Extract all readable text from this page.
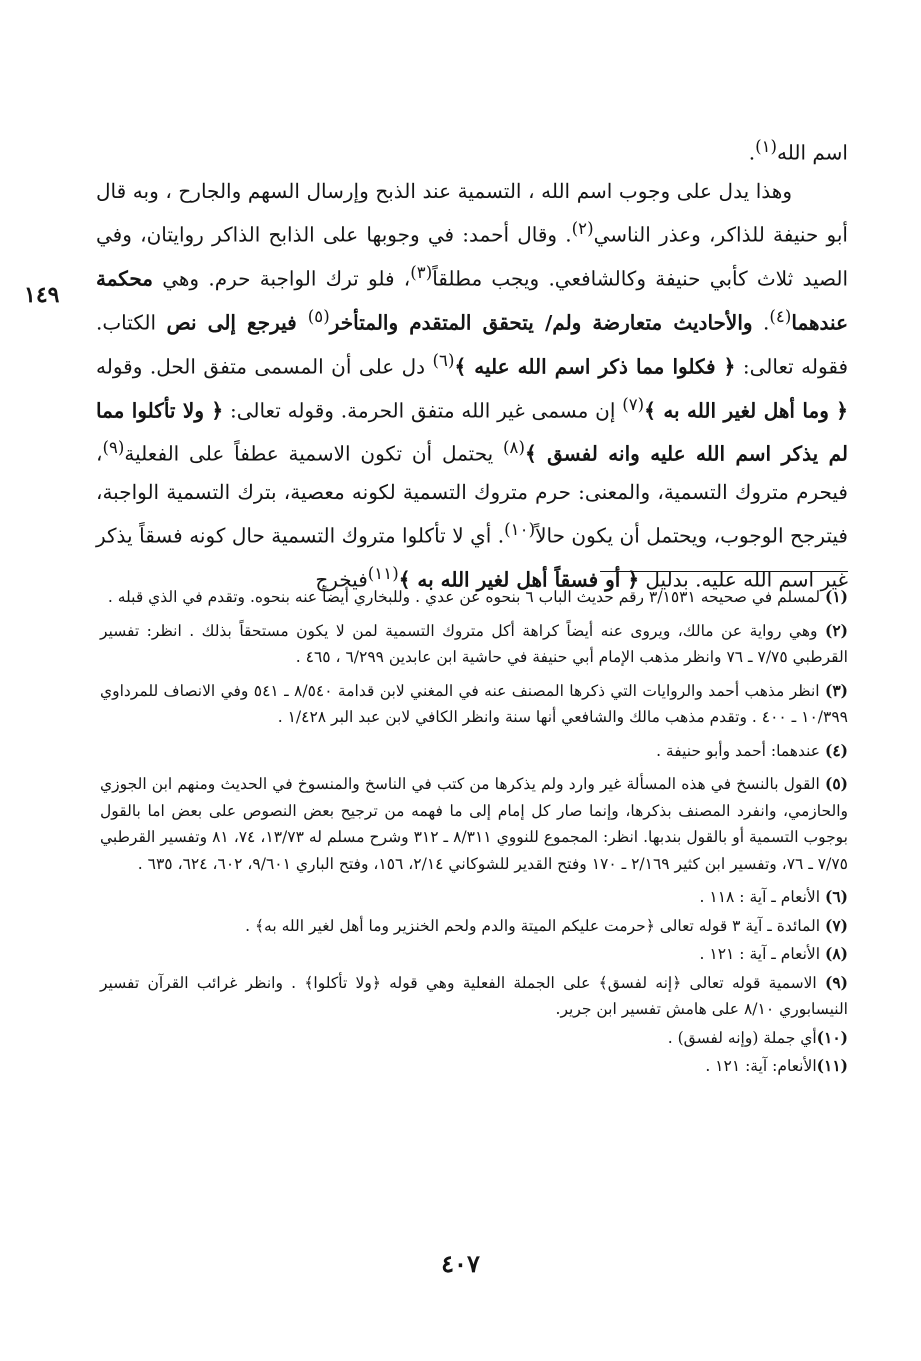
١٤٩

اسم الله$^{(١)}$.

وهذا يدل على وجوب اسم الله ، التسمية عند الذبح وإرسال السهم والجارح ، وبه قال أبو حنيفة للذاكر، وعذر الناسي$^{(٢)}$. وقال أحمد: في وجوبها على الذابح الذاكر روايتان، وفي الصيد ثلاث كأبي حنيفة وكالشافعي. ويجب مطلقاً$^{(٣)}$، فلو ترك الواجبة حرم. وهي محكمة عندهما$^{(٤)}$. والأحاديث متعارضة ولم/ يتحقق المتقدم والمتأخر$^{(٥)}$ فيرجع إلى نص الكتاب. فقوله تعالى: ﴿ فكلوا مما ذكر اسم الله عليه ﴾$^{(٦)}$ دل على أن المسمى متفق الحل. وقوله ﴿ وما أهل لغير الله به ﴾$^{(٧)}$ إن مسمى غير الله متفق الحرمة. وقوله تعالى: ﴿ ولا تأكلوا مما لم يذكر اسم الله عليه وانه لفسق ﴾$^{(٨)}$ يحتمل أن تكون الاسمية عطفاً على الفعلية$^{(٩)}$، فيحرم متروك التسمية، والمعنى: حرم متروك التسمية لكونه معصية، بترك التسمية الواجبة، فيترجح الوجوب، ويحتمل أن يكون حالاً$^{(١٠)}$. أي لا تأكلوا متروك التسمية حال كونه فسقاً يذكر غير اسم الله عليه. بدليل ﴿ أو فسقاً أهل لغير الله به ﴾$^{(١١)}$فيخرج

(١) لمسلم في صحيحه ٣/١٥٣١ رقم حديث الباب ٦ بنحوه عن عدي . وللبخاري أيضاً عنه بنحوه. وتقدم في الذي قبله .

(٢) وهي رواية عن مالك، ويروى عنه أيضاً كراهة أكل متروك التسمية لمن لا يكون مستحقاً بذلك . انظر: تفسير القرطبي ٧/٧٥ ـ ٧٦ وانظر مذهب الإمام أبي حنيفة في حاشية ابن عابدين ٦/٢٩٩ ، ٤٦٥ .

(٣) انظر مذهب أحمد والروايات التي ذكرها المصنف عنه في المغني لابن قدامة ٨/٥٤٠ ـ ٥٤١ وفي الانصاف للمرداوي ١٠/٣٩٩ ـ ٤٠٠ . وتقدم مذهب مالك والشافعي أنها سنة وانظر الكافي لابن عبد البر ١/٤٢٨ .

(٤) عندهما: أحمد وأبو حنيفة .

(٥) القول بالنسخ في هذه المسألة غير وارد ولم يذكرها من كتب في الناسخ والمنسوخ في الحديث ومنهم ابن الجوزي والحازمي، وانفرد المصنف بذكرها، وإنما صار كل إمام إلى ما فهمه من ترجيح بعض النصوص على بعض اما بالقول بوجوب التسمية أو بالقول بندبها. انظر: المجموع للنووي ٨/٣١١ ـ ٣١٢ وشرح مسلم له ١٣/٧٣، ٧٤، ٨١ وتفسير القرطبي ٧/٧٥ ـ ٧٦، وتفسير ابن كثير ٢/١٦٩ ـ ١٧٠ وفتح القدير للشوكاني ٢/١٤، ١٥٦، وفتح الباري ٩/٦٠١، ٦٠٢، ٦٢٤، ٦٣٥ .

(٦) الأنعام ـ آية : ١١٨ .

(٧) المائدة ـ آية ٣ قوله تعالى ﴿حرمت عليكم الميتة والدم ولحم الخنزير وما أهل لغير الله به﴾ .

(٨) الأنعام ـ آية : ١٢١ .

(٩) الاسمية قوله تعالى ﴿إنه لفسق﴾ على الجملة الفعلية وهي قوله ﴿ولا تأكلوا﴾ . وانظر غرائب القرآن تفسير النيسابوري ٨/١٠ على هامش تفسير ابن جرير.

(١٠)أي جملة (وإنه لفسق) .

(١١)الأنعام: آية: ١٢١ .

٤٠٧
